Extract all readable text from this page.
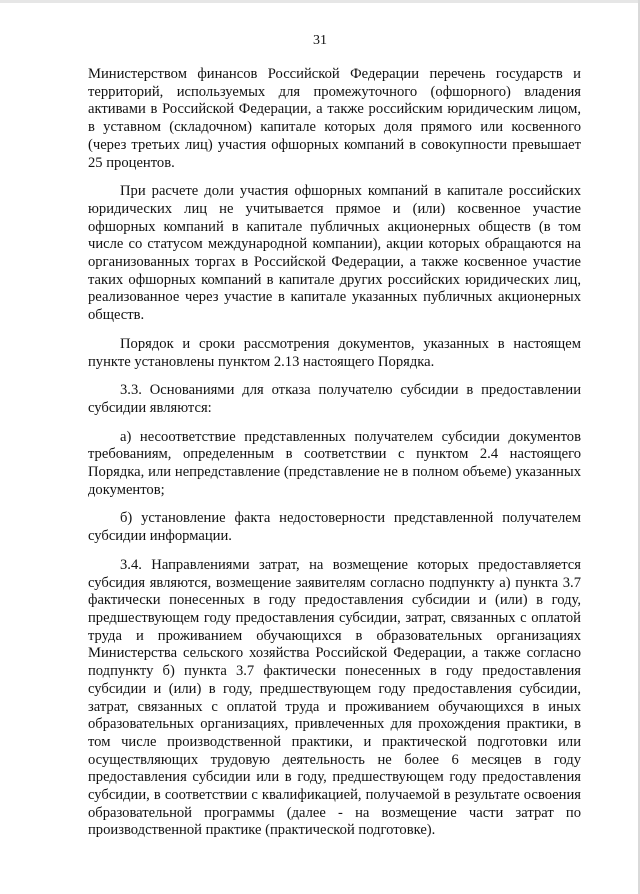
31

Министерством финансов Российской Федерации перечень государств и территорий, используемых для промежуточного (офшорного) владения активами в Российской Федерации, а также российским юридическим лицом, в уставном (складочном) капитале которых доля прямого или косвенного (через третьих лиц) участия офшорных компаний в совокупности превышает 25 процентов.

При расчете доли участия офшорных компаний в капитале российских юридических лиц не учитывается прямое и (или) косвенное участие офшорных компаний в капитале публичных акционерных обществ (в том числе со статусом международной компании), акции которых обращаются на организованных торгах в Российской Федерации, а также косвенное участие таких офшорных компаний в капитале других российских юридических лиц, реализованное через участие в капитале указанных публичных акционерных обществ.

Порядок и сроки рассмотрения документов, указанных в настоящем пункте установлены пунктом 2.13 настоящего Порядка.

3.3. Основаниями для отказа получателю субсидии в предоставлении субсидии являются:

а) несоответствие представленных получателем субсидии документов требованиям, определенным в соответствии с пунктом 2.4 настоящего Порядка, или непредставление (представление не в полном объеме) указанных документов;

б) установление факта недостоверности представленной получателем субсидии информации.

3.4. Направлениями затрат, на возмещение которых предоставляется субсидия являются, возмещение заявителям согласно подпункту а) пункта 3.7 фактически понесенных в году предоставления субсидии и (или) в году, предшествующем году предоставления субсидии, затрат, связанных с оплатой труда и проживанием обучающихся в образовательных организациях Министерства сельского хозяйства Российской Федерации, а также согласно подпункту б) пункта 3.7 фактически понесенных в году предоставления субсидии и (или) в году, предшествующем году предоставления субсидии, затрат, связанных с оплатой труда и проживанием обучающихся в иных образовательных организациях, привлеченных для прохождения практики, в том числе производственной практики, и практической подготовки или осуществляющих трудовую деятельность не более 6 месяцев в году предоставления субсидии или в году, предшествующем году предоставления субсидии, в соответствии с квалификацией, получаемой в результате освоения образовательной программы (далее - на возмещение части затрат по производственной практике (практической подготовке).
